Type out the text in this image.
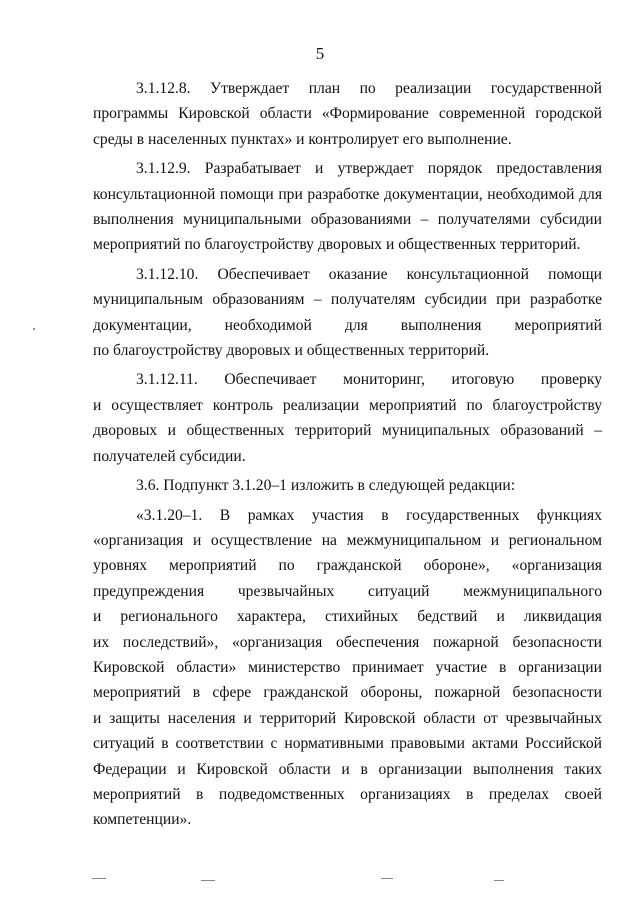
5
3.1.12.8. Утверждает план по реализации государственной
программы Кировской области «Формирование современной городской
среды в населенных пунктах» и контролирует его выполнение.
3.1.12.9. Разрабатывает и утверждает порядок предоставления
консультационной помощи при разработке документации, необходимой для
выполнения муниципальными образованиями – получателями субсидии
мероприятий по благоустройству дворовых и общественных территорий.
3.1.12.10. Обеспечивает оказание консультационной помощи
муниципальным образованиям – получателям субсидии при разработке
документации, необходимой для выполнения мероприятий
по благоустройству дворовых и общественных территорий.
3.1.12.11. Обеспечивает мониторинг, итоговую проверку
и осуществляет контроль реализации мероприятий по благоустройству
дворовых и общественных территорий муниципальных образований –
получателей субсидии.
3.6. Подпункт 3.1.20–1 изложить в следующей редакции:
«3.1.20–1. В рамках участия в государственных функциях
«организация и осуществление на межмуниципальном и региональном
уровнях мероприятий по гражданской обороне», «организация
предупреждения чрезвычайных ситуаций межмуниципального
и регионального характера, стихийных бедствий и ликвидация
их последствий», «организация обеспечения пожарной безопасности
Кировской области» министерство принимает участие в организации
мероприятий в сфере гражданской обороны, пожарной безопасности
и защиты населения и территорий Кировской области от чрезвычайных
ситуаций в соответствии с нормативными правовыми актами Российской
Федерации и Кировской области и в организации выполнения таких
мероприятий в подведомственных организациях в пределах своей
компетенции».
